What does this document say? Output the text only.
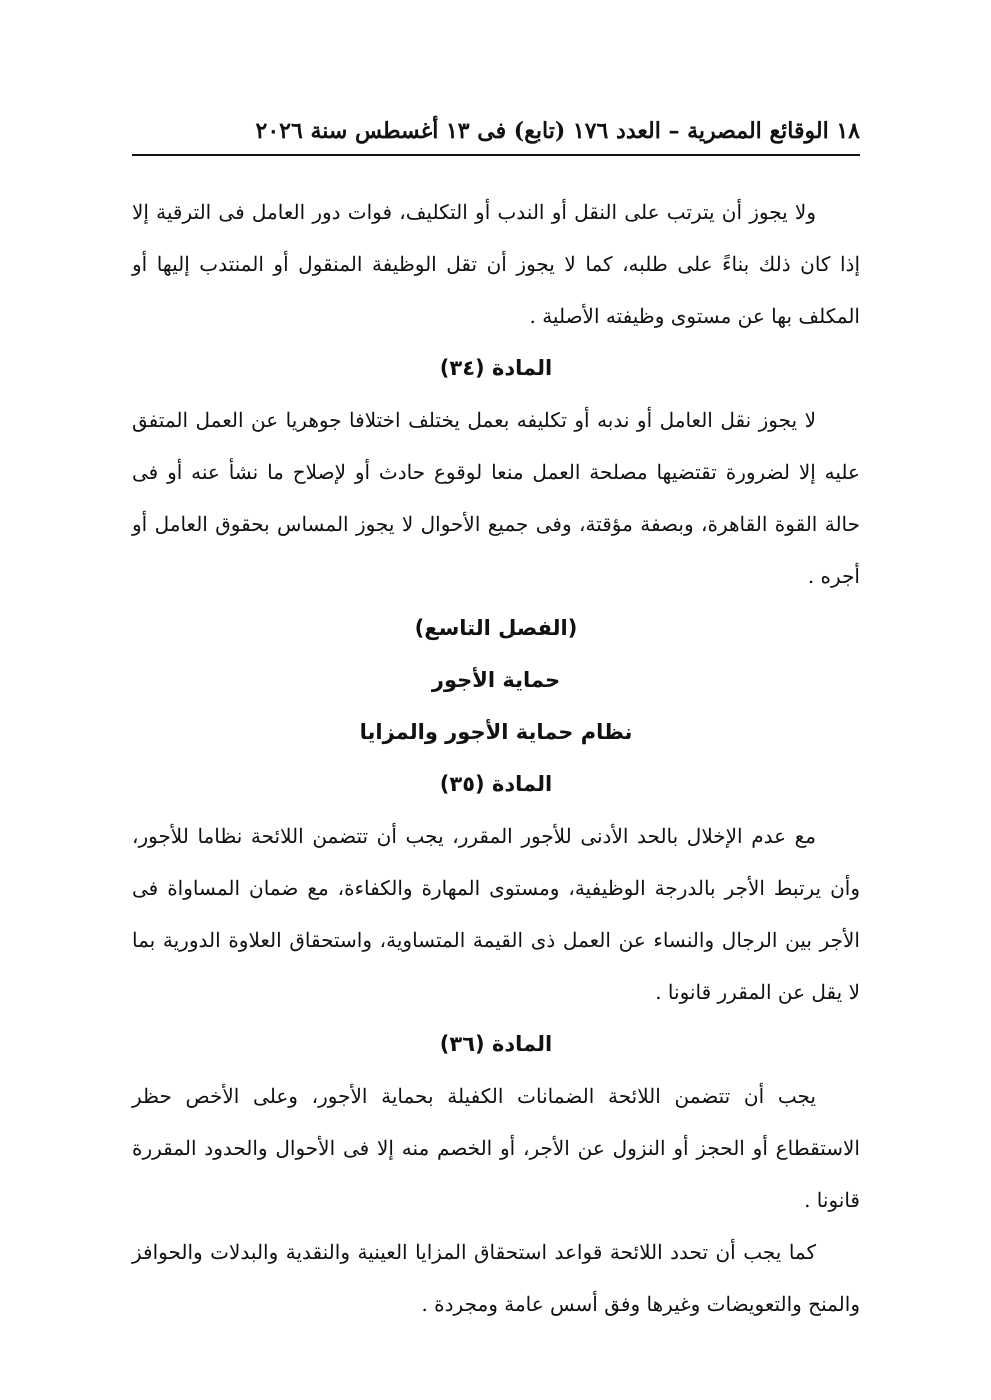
١٨ الوقائع المصرية – العدد ١٧٦ (تابع) فى ١٣ أغسطس سنة ٢٠٢٦

ولا يجوز أن يترتب على النقل أو الندب أو التكليف، فوات دور العامل فى الترقية إلا إذا كان ذلك بناءً على طلبه، كما لا يجوز أن تقل الوظيفة المنقول أو المنتدب إليها أو المكلف بها عن مستوى وظيفته الأصلية .

المادة (٣٤)

لا يجوز نقل العامل أو ندبه أو تكليفه بعمل يختلف اختلافا جوهريا عن العمل المتفق عليه إلا لضرورة تقتضيها مصلحة العمل منعا لوقوع حادث أو لإصلاح ما نشأ عنه أو فى حالة القوة القاهرة، وبصفة مؤقتة، وفى جميع الأحوال لا يجوز المساس بحقوق العامل أو أجره .

(الفصل التاسع)
حماية الأجور
نظام حماية الأجور والمزايا
المادة (٣٥)

مع عدم الإخلال بالحد الأدنى للأجور المقرر، يجب أن تتضمن اللائحة نظاما للأجور، وأن يرتبط الأجر بالدرجة الوظيفية، ومستوى المهارة والكفاءة، مع ضمان المساواة فى الأجر بين الرجال والنساء عن العمل ذى القيمة المتساوية، واستحقاق العلاوة الدورية بما لا يقل عن المقرر قانونا .

المادة (٣٦)

يجب أن تتضمن اللائحة الضمانات الكفيلة بحماية الأجور، وعلى الأخص حظر الاستقطاع أو الحجز أو النزول عن الأجر، أو الخصم منه إلا فى الأحوال والحدود المقررة قانونا .

كما يجب أن تحدد اللائحة قواعد استحقاق المزايا العينية والنقدية والبدلات والحوافز والمنح والتعويضات وغيرها وفق أسس عامة ومجردة .
